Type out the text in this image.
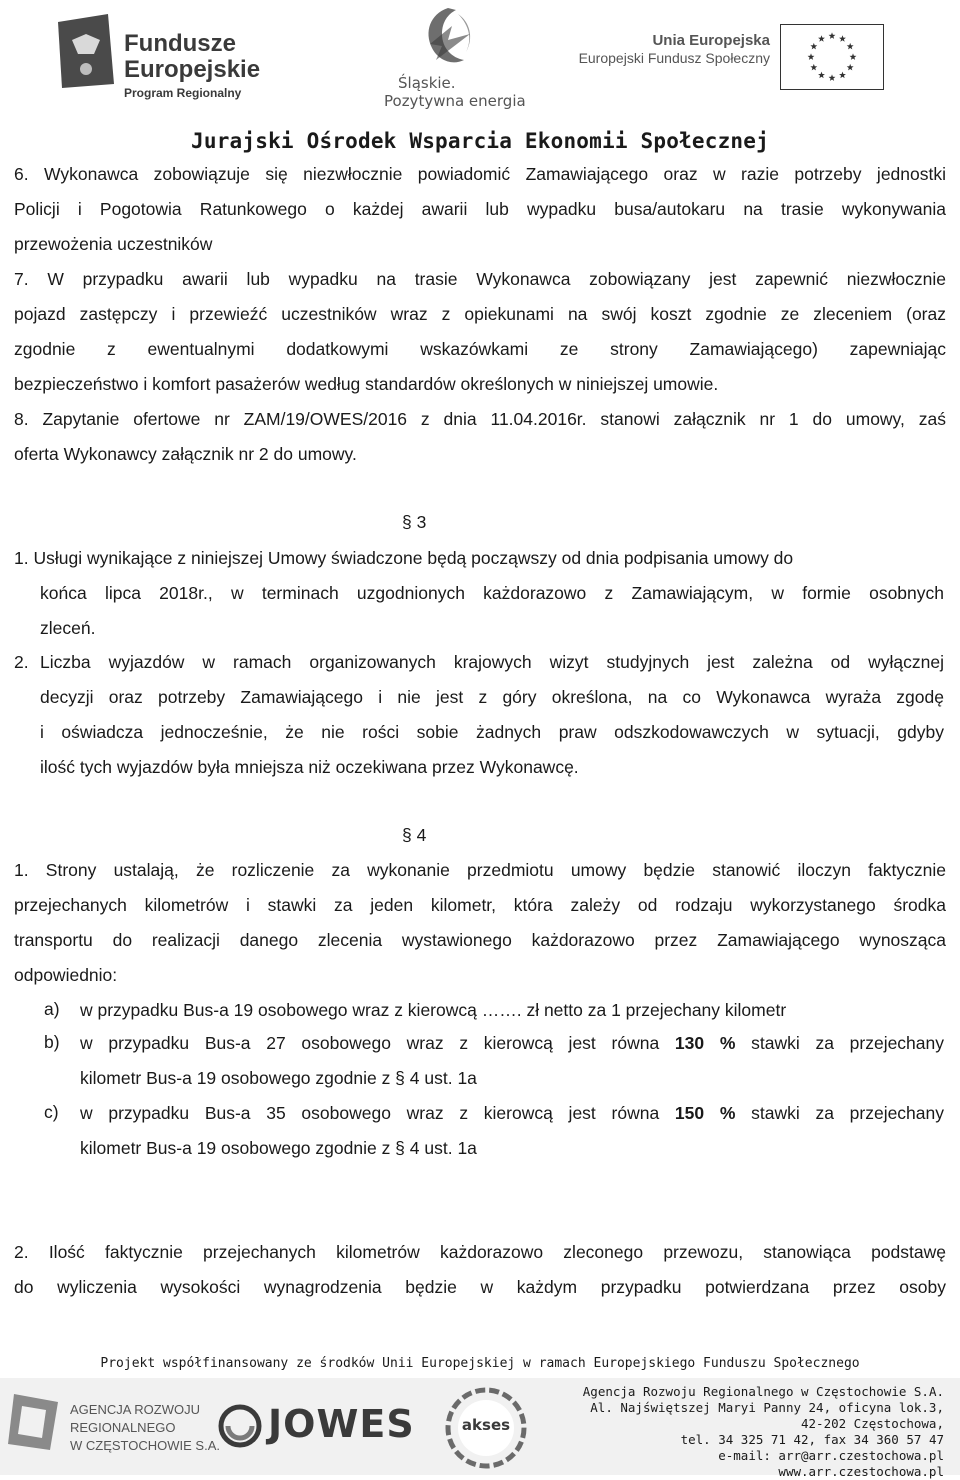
Fundusze
Europejskie
Program Regionalny
Śląskie.
Pozytywna energia
Unia Europejska
Europejski Fundusz Społeczny
Jurajski Ośrodek Wsparcia Ekonomii Społecznej
6. Wykonawca zobowiązuje się niezwłocznie powiadomić Zamawiającego oraz w razie potrzeby jednostki
Policji i Pogotowia Ratunkowego o każdej awarii lub wypadku busa/autokaru na trasie wykonywania
przewożenia uczestników
7. W przypadku awarii lub wypadku na trasie Wykonawca zobowiązany jest zapewnić niezwłocznie
pojazd zastępczy i przewieźć uczestników wraz z opiekunami na swój koszt zgodnie ze zleceniem (oraz
zgodnie z ewentualnymi dodatkowymi wskazówkami ze strony Zamawiającego) zapewniając
bezpieczeństwo i komfort pasażerów według standardów określonych w niniejszej umowie.
8. Zapytanie ofertowe nr ZAM/19/OWES/2016 z dnia 11.04.2016r. stanowi załącznik nr 1 do umowy, zaś
oferta Wykonawcy załącznik nr 2 do umowy.
§ 3
1. Usługi wynikające z niniejszej Umowy świadczone będą począwszy od dnia podpisania umowy do
końca lipca 2018r., w terminach uzgodnionych każdorazowo z Zamawiającym, w formie osobnych
zleceń.
2. Liczba wyjazdów w ramach organizowanych krajowych wizyt studyjnych jest zależna od wyłącznej
decyzji oraz potrzeby Zamawiającego i nie jest z góry określona, na co Wykonawca wyraża zgodę
i oświadcza jednocześnie, że nie rości sobie żadnych praw odszkodowawczych w sytuacji, gdyby
ilość tych wyjazdów była mniejsza niż oczekiwana przez Wykonawcę.
§ 4
1. Strony ustalają, że rozliczenie za wykonanie przedmiotu umowy będzie stanowić iloczyn faktycznie
przejechanych kilometrów i stawki za jeden kilometr, która zależy od rodzaju wykorzystanego środka
transportu do realizacji danego zlecenia wystawionego każdorazowo przez Zamawiającego wynosząca
odpowiednio:
a) w przypadku Bus-a 19 osobowego wraz z kierowcą ……. zł netto za 1 przejechany kilometr
b) w przypadku Bus-a 27 osobowego wraz z kierowcą jest równa 130 % stawki za przejechany
kilometr Bus-a 19 osobowego zgodnie z § 4 ust. 1a
c) w przypadku Bus-a 35 osobowego wraz z kierowcą jest równa 150 % stawki za przejechany
kilometr Bus-a 19 osobowego zgodnie z § 4 ust. 1a
2. Ilość faktycznie przejechanych kilometrów każdorazowo zleconego przewozu, stanowiąca podstawę
do wyliczenia wysokości wynagrodzenia będzie w każdym przypadku potwierdzana przez osoby
Projekt współfinansowany ze środków Unii Europejskiej w ramach Europejskiego Funduszu Społecznego
AGENCJA ROZWOJU
REGIONALNEGO
W CZĘSTOCHOWIE S.A. JOWES	akses
Agencja Rozwoju Regionalnego w Częstochowie S.A.
Al. Najświętszej Maryi Panny 24, oficyna lok.3,
42-202 Częstochowa,
tel. 34 325 71 42, fax 34 360 57 47
e-mail: arr@arr.czestochowa.pl
www.arr.czestochowa.pl
